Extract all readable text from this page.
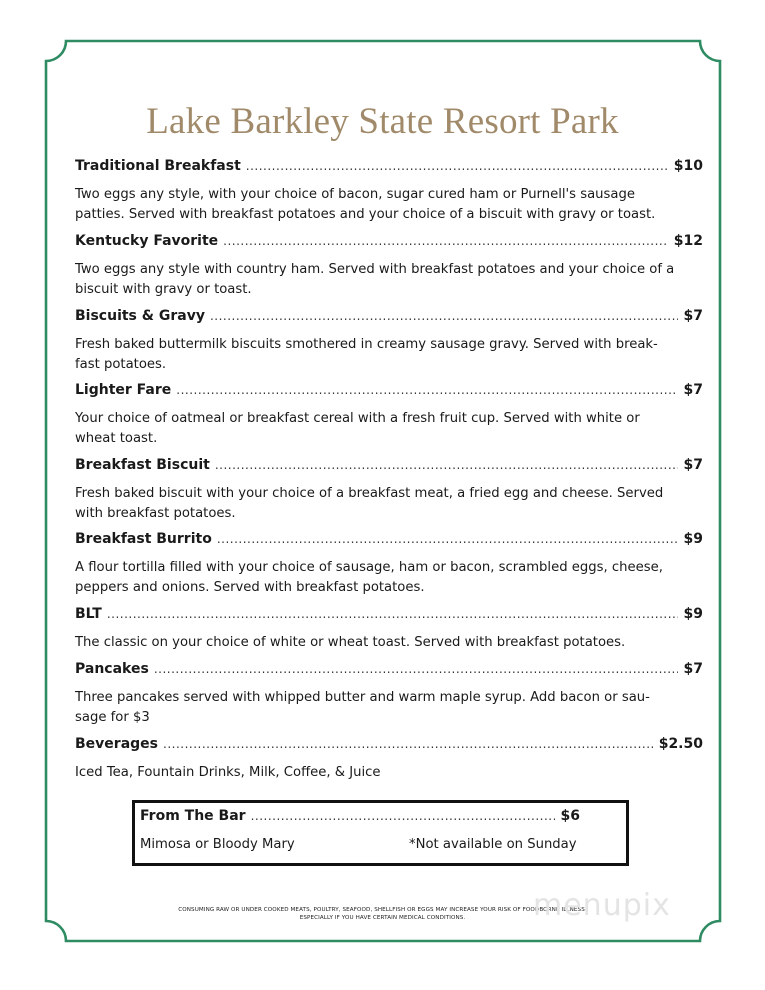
Lake Barkley State Resort Park
Traditional Breakfast .....	$10
Two eggs any style, with your choice of bacon, sugar cured ham or Purnell's sausage patties. Served with breakfast potatoes and your choice of a biscuit with gravy or toast.
Kentucky Favorite .....	$12
Two eggs any style with country ham. Served with breakfast potatoes and your choice of a biscuit with gravy or toast.
Biscuits & Gravy .....	$7
Fresh baked buttermilk biscuits smothered in creamy sausage gravy. Served with break-fast potatoes.
Lighter Fare .....	$7
Your choice of oatmeal or breakfast cereal with a fresh fruit cup. Served with white or wheat toast.
Breakfast Biscuit .....	$7
Fresh baked biscuit with your choice of a breakfast meat, a fried egg and cheese. Served with breakfast potatoes.
Breakfast Burrito .....	$9
A flour tortilla filled with your choice of sausage, ham or bacon, scrambled eggs, cheese, peppers and onions. Served with breakfast potatoes.
BLT .....	$9
The classic on your choice of white or wheat toast. Served with breakfast potatoes.
Pancakes .....	$7
Three pancakes served with whipped butter and warm maple syrup. Add bacon or sau-sage for $3
Beverages .....	$2.50
Iced Tea, Fountain Drinks, Milk, Coffee, & Juice
From The Bar .....	$6
Mimosa or Bloody Mary	*Not available on Sunday
CONSUMING RAW OR UNDER COOKED MEATS, POULTRY, SEAFOOD, SHELLFISH OR EGGS MAY INCREASE YOUR RISK OF FOODBORNE ILLNESS.
ESPECIALLY IF YOU HAVE CERTAIN MEDICAL CONDITIONS.	menupix
